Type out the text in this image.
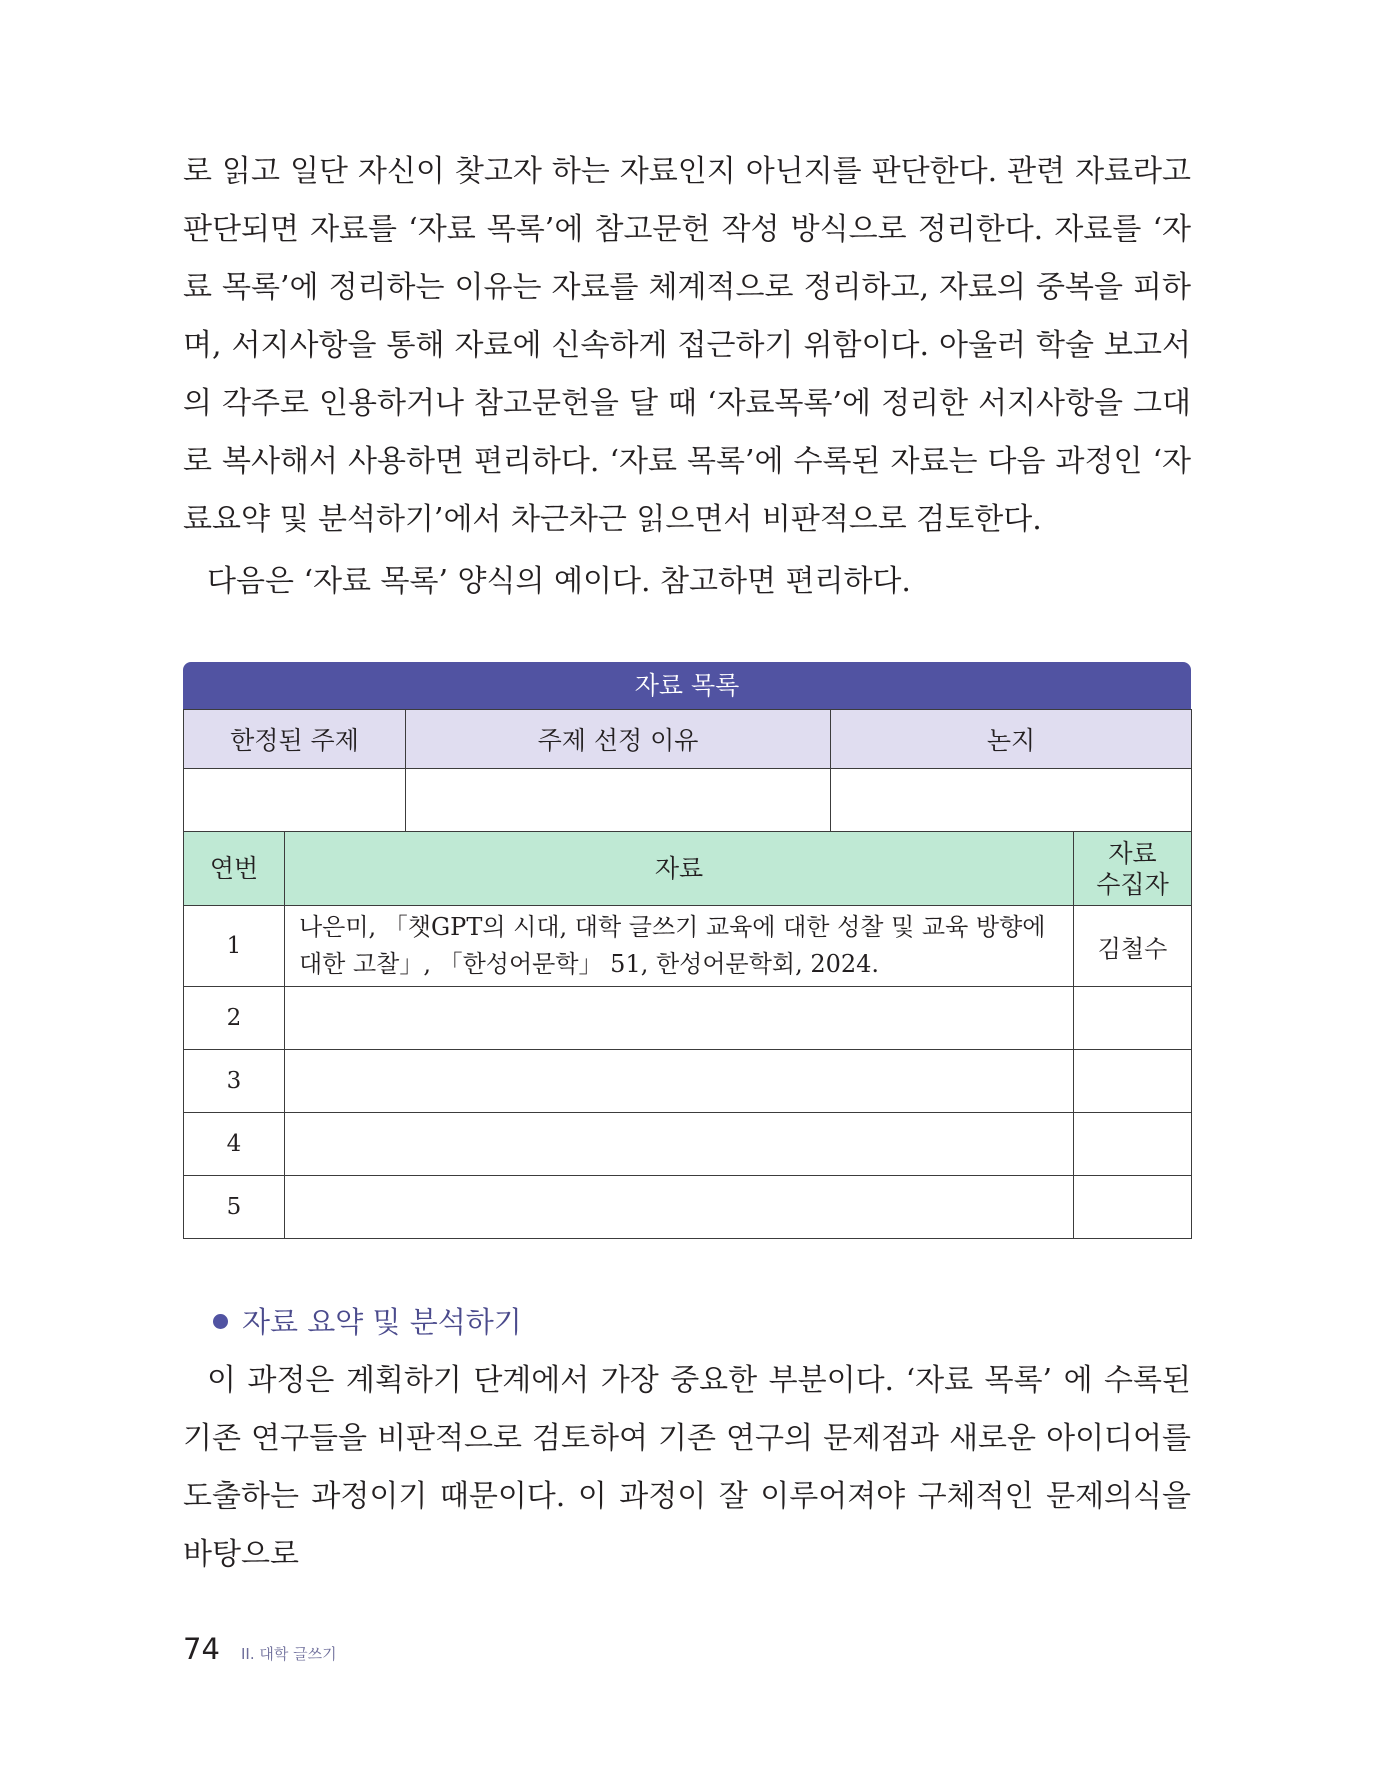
로 읽고 일단 자신이 찾고자 하는 자료인지 아닌지를 판단한다. 관련 자료라고 판단되면 자료를 ‘자료 목록’에 참고문헌 작성 방식으로 정리한다. 자료를 ‘자료 목록’에 정리하는 이유는 자료를 체계적으로 정리하고, 자료의 중복을 피하며, 서지사항을 통해 자료에 신속하게 접근하기 위함이다. 아울러 학술 보고서의 각주로 인용하거나 참고문헌을 달 때 ‘자료목록’에 정리한 서지사항을 그대로 복사해서 사용하면 편리하다. ‘자료 목록’에 수록된 자료는 다음 과정인 ‘자료요약 및 분석하기’에서 차근차근 읽으면서 비판적으로 검토한다.

다음은 ‘자료 목록’ 양식의 예이다. 참고하면 편리하다.

자료 목록
한정된 주제	주제 선정 이유	논지

연번	자료	자료
수집자
1	나은미, 「챗GPT의 시대, 대학 글쓰기 교육에 대한 성찰 및 교육 방향에 대한 고찰」, 「한성어문학」 51, 한성어문학회, 2024.	김철수
2		
3		
4		
5		
자료 요약 및 분석하기

이 과정은 계획하기 단계에서 가장 중요한 부분이다. ‘자료 목록’ 에 수록된 기존 연구들을 비판적으로 검토하여 기존 연구의 문제점과 새로운 아이디어를 도출하는 과정이기 때문이다. 이 과정이 잘 이루어져야 구체적인 문제의식을 바탕으로

74 II. 대학 글쓰기
